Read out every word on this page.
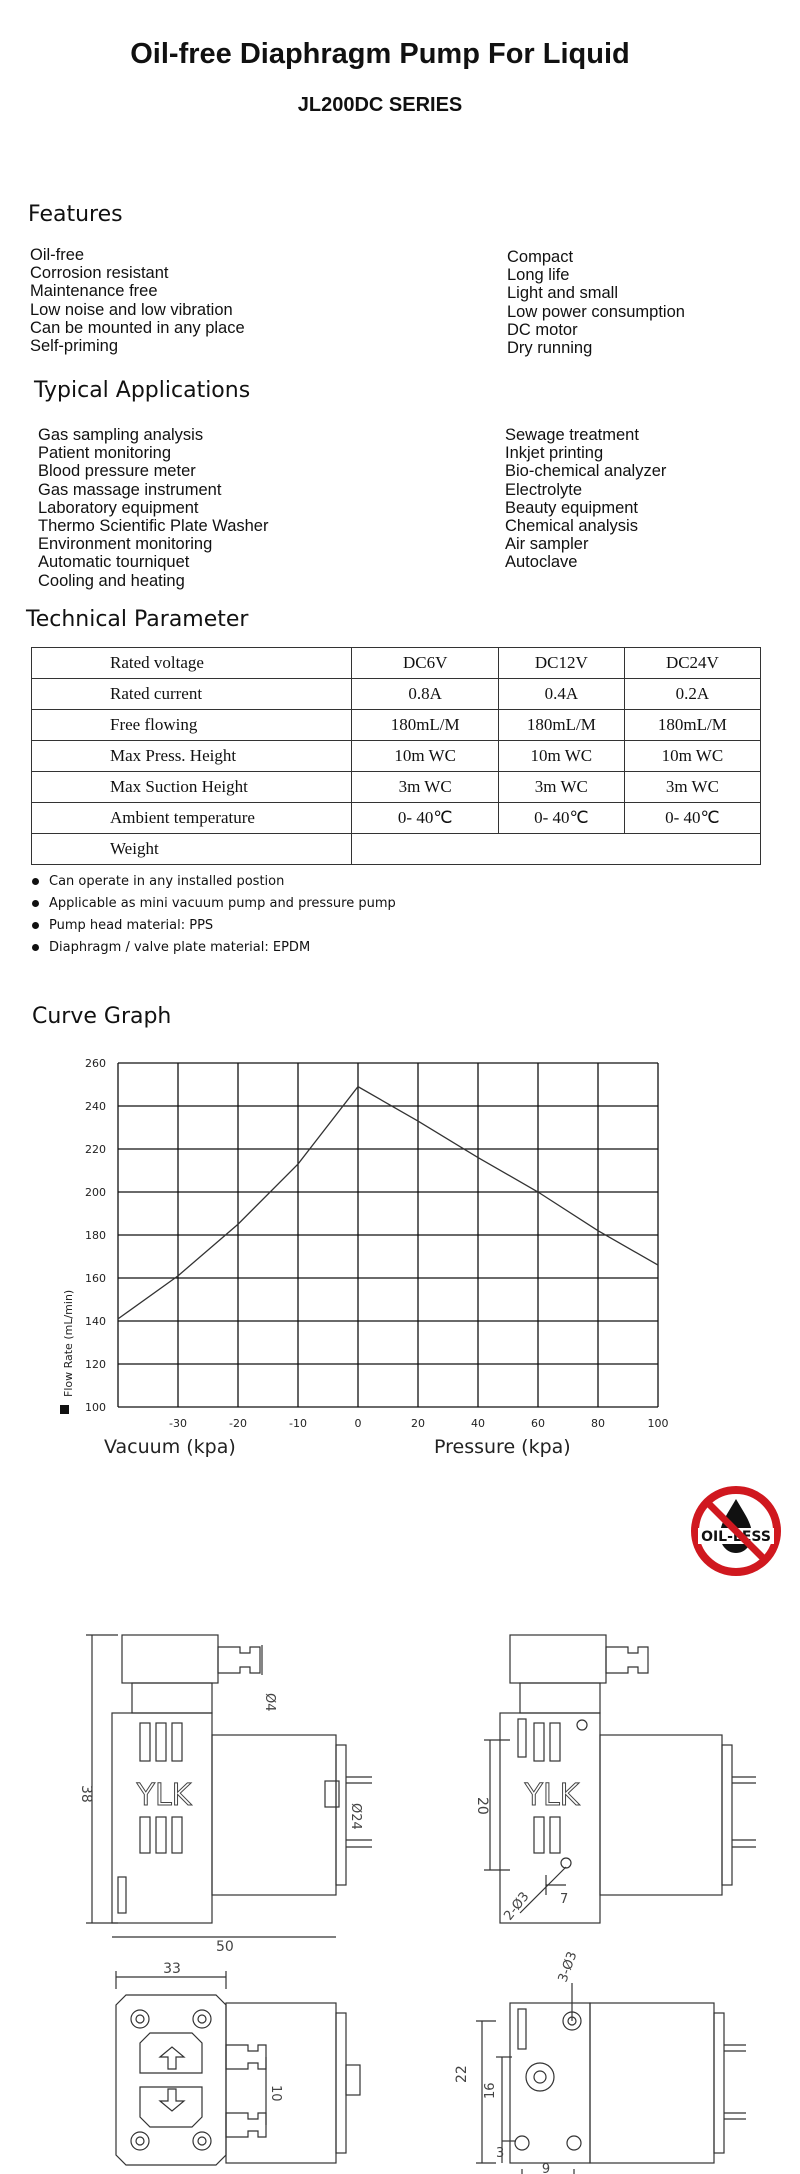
Oil-free Diaphragm Pump For Liquid
JL200DC SERIES
Features
Oil-free
Corrosion resistant
Maintenance free
Low noise and low vibration
Can be mounted in any place
Self-priming
Compact
Long life
Light and small
Low power consumption
DC motor
Dry running
Typical Applications
Gas sampling analysis
Patient monitoring
Blood pressure meter
Gas massage instrument
Laboratory equipment
Thermo Scientific Plate Washer
Environment monitoring
Automatic tourniquet
Cooling and heating
Sewage treatment
Inkjet printing
Bio-chemical analyzer
Electrolyte
Beauty equipment
Chemical analysis
Air sampler
Autoclave
Technical Parameter
Rated voltage	DC6V	DC12V	DC24V
Rated current	0.8A	0.4A	0.2A
Free flowing	180mL/M	180mL/M	180mL/M
Max Press. Height	10m WC	10m WC	10m WC
Max Suction Height	3m WC	3m WC	3m WC
Ambient temperature	0- 40℃	0- 40℃	0- 40℃
Weight			
Can operate in any installed postion
Applicable as mini vacuum pump and pressure pump
Pump head material: PPS
Diaphragm / valve plate material: EPDM
Curve Graph
260
240
220
200
180
160
140
120
100
-30	-20	-10	0	20	40	60	80	100
Flow Rate (mL/min)
Vacuum (kpa)	Pressure (kpa)
OIL-LESS
YLK
38
50
Ø4
Ø24
YLK
20
7
2-Ø3
33
10
3-Ø3
22
16
3
9
